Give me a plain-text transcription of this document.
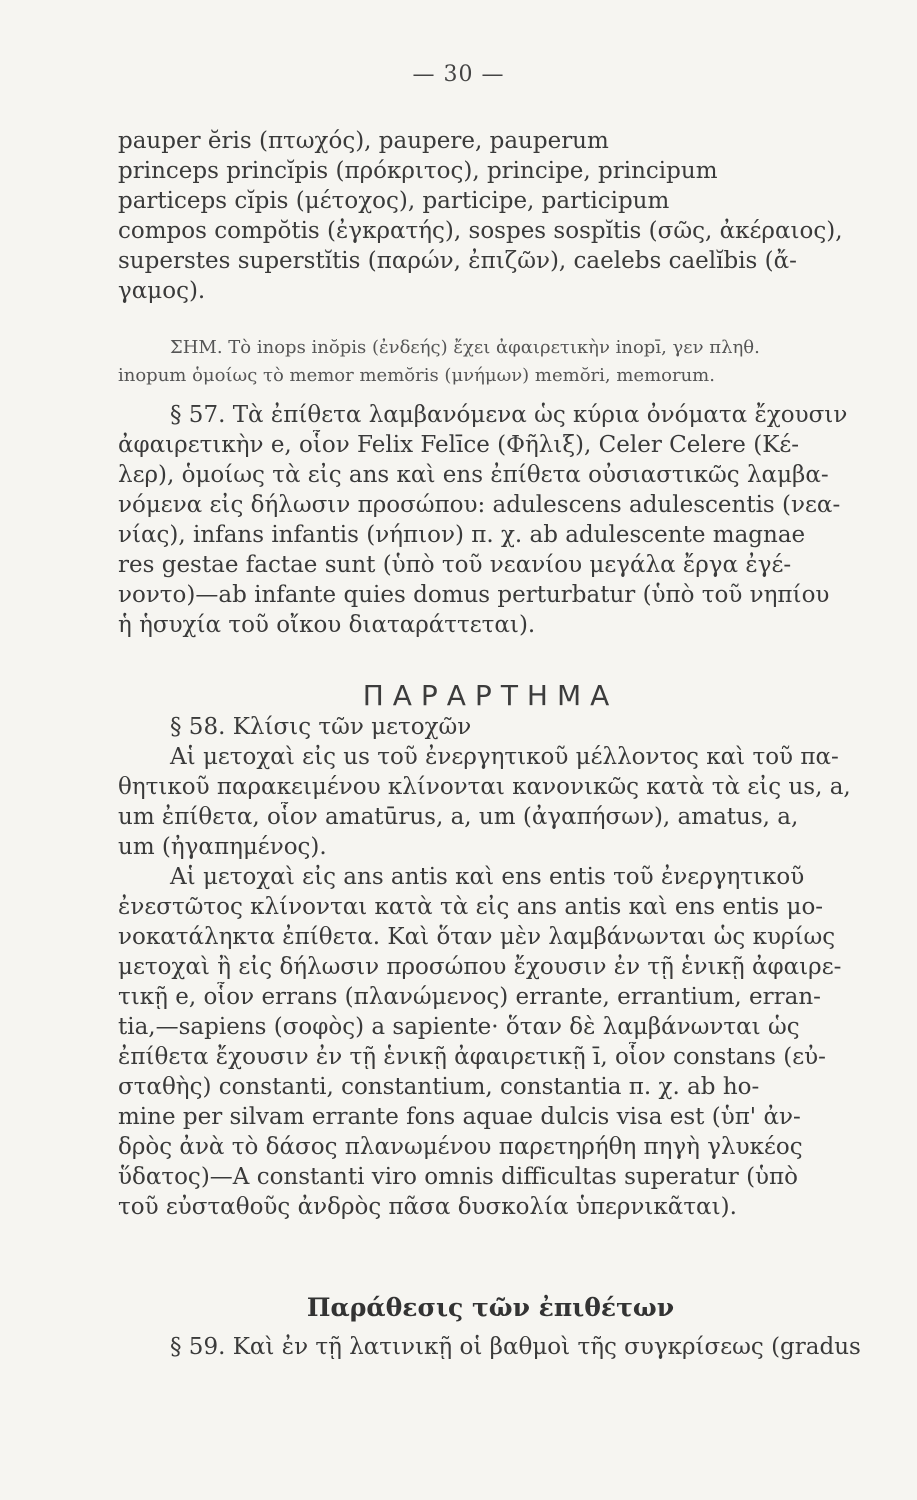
— 30 —
pauper ĕris (πτωχός), paupere, pauperum
princeps princĭpis (πρόκριτος), principe, principum
particeps cĭpis (μέτοχος), participe, participum
compos compŏtis (ἐγκρατής), sospes sospĭtis (σῶς, ἀκέραιος),
superstes superstĭtis (παρών, ἐπιζῶν), caelebs caelĭbis (ἄ-
γαμος).
ΣΗΜ. Τὸ inops inŏpis (ἐνδεής) ἔχει ἀφαιρετικὴν inopī, γεν πληθ.
inopum ὁμοίως τὸ memor memŏris (μνήμων) memŏri, memorum.
§ 57. Τὰ ἐπίθετα λαμβανόμενα ὡς κύρια ὀνόματα ἔχουσιν
ἀφαιρετικὴν e, οἷον Felix Felīce (Φῆλιξ), Celer Celere (Κέ-
λερ), ὁμοίως τὰ εἰς ans καὶ ens ἐπίθετα οὐσιαστικῶς λαμβα-
νόμενα εἰς δήλωσιν προσώπου: adulescens adulescentis (νεα-
νίας), infans infantis (νήπιον) π. χ. ab adulescente magnae
res gestae factae sunt (ὑπὸ τοῦ νεανίου μεγάλα ἔργα ἐγέ-
νοντο)—ab infante quies domus perturbatur (ὑπὸ τοῦ νηπίου
ἡ ἡσυχία τοῦ οἴκου διαταράττεται).
ΠΑΡΑΡΤΗΜΑ
§ 58. Κλίσις τῶν μετοχῶν
Αἱ μετοχαὶ εἰς us τοῦ ἐνεργητικοῦ μέλλοντος καὶ τοῦ πα-
θητικοῦ παρακειμένου κλίνονται κανονικῶς κατὰ τὰ εἰς us, a,
um ἐπίθετα, οἷον amatūrus, a, um (ἀγαπήσων), amatus, a,
um (ἠγαπημένος).
Αἱ μετοχαὶ εἰς ans antis καὶ ens entis τοῦ ἐνεργητικοῦ
ἐνεστῶτος κλίνονται κατὰ τὰ εἰς ans antis καὶ ens entis μο-
νοκατάληκτα ἐπίθετα. Καὶ ὅταν μὲν λαμβάνωνται ὡς κυρίως
μετοχαὶ ἢ εἰς δήλωσιν προσώπου ἔχουσιν ἐν τῇ ἑνικῇ ἀφαιρε-
τικῇ e, οἷον errans (πλανώμενος) errante, errantium, erran-
tia,—sapiens (σοφὸς) a sapiente· ὅταν δὲ λαμβάνωνται ὡς
ἐπίθετα ἔχουσιν ἐν τῇ ἑνικῇ ἀφαιρετικῇ ī, οἷον constans (εὐ-
σταθὴς) constanti, constantium, constantia π. χ. ab ho-
mine per silvam errante fons aquae dulcis visa est (ὑπ' ἀν-
δρὸς ἀνὰ τὸ δάσος πλανωμένου παρετηρήθη πηγὴ γλυκέος
ὕδατος)—A constanti viro omnis difficultas superatur (ὑπὸ
τοῦ εὐσταθοῦς ἀνδρὸς πᾶσα δυσκολία ὑπερνικᾶται).
Παράθεσις τῶν ἐπιθέτων
§ 59. Καὶ ἐν τῇ λατινικῇ οἱ βαθμοὶ τῆς συγκρίσεως (gradus
